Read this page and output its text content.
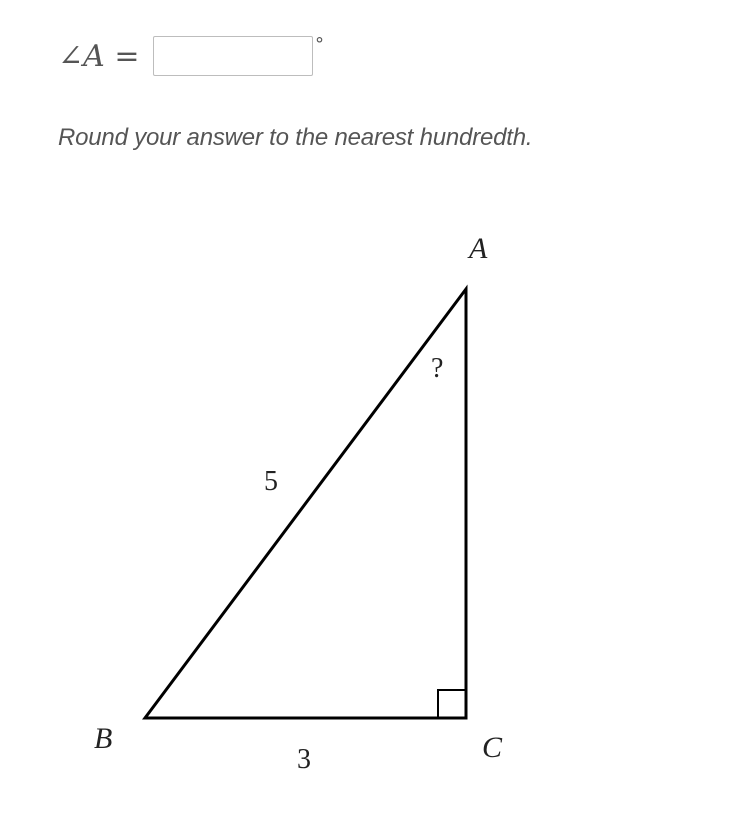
∠A =	°

Round your answer to the nearest hundredth.

A
B	C
5
3
?
